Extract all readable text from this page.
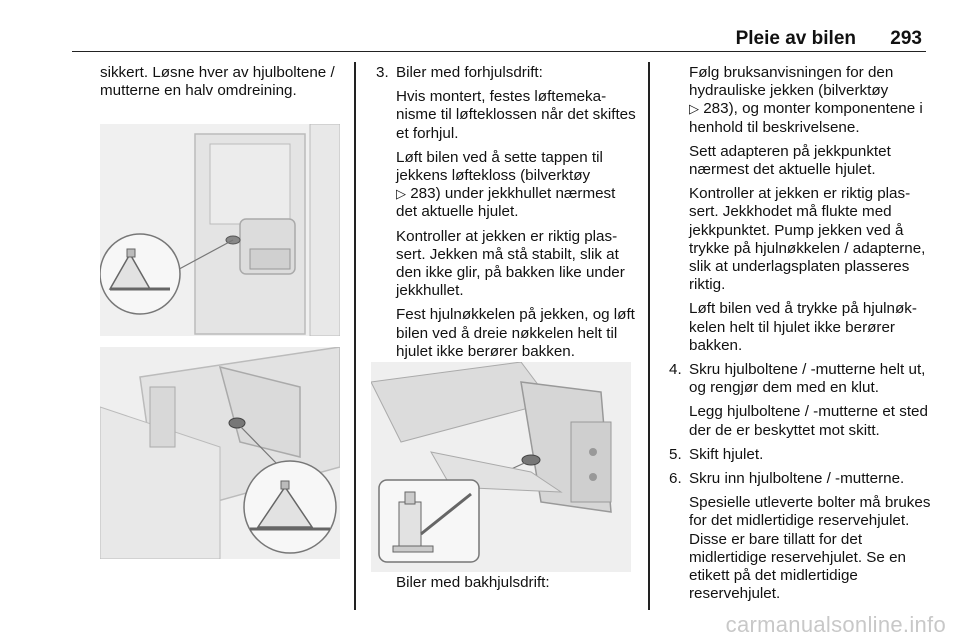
Pleie av bilen 293

sikkert. Løsne hver av hjulboltene / mutterne en halv omdreining.

3. Biler med forhjulsdrift:

Hvis montert, festes løftemekanisme til løfteklossen når det skiftes et forhjul.

Løft bilen ved å sette tappen til jekkens løftekloss (bilverktøy
▷ 283) under jekkhullet nærmest det aktuelle hjulet.

Kontroller at jekken er riktig plassert. Jekken må stå stabilt, slik at den ikke glir, på bakken like under jekkhullet.

Fest hjulnøkkelen på jekken, og løft bilen ved å dreie nøkkelen helt til hjulet ikke berører bakken.

Biler med bakhjulsdrift:

Følg bruksanvisningen for den hydrauliske jekken (bilverktøy
▷ 283), og monter komponentene i henhold til beskrivelsene.

Sett adapteren på jekkpunktet nærmest det aktuelle hjulet.

Kontroller at jekken er riktig plassert. Jekkhodet må flukte med jekkpunktet. Pump jekken ved å trykke på hjulnøkkelen / adapterne, slik at underlagsplaten plasseres riktig.

Løft bilen ved å trykke på hjulnøkkelen helt til hjulet ikke berører bakken.

4. Skru hjulboltene / -mutterne helt ut, og rengjør dem med en klut.

Legg hjulboltene / -mutterne et sted der de er beskyttet mot skitt.

5. Skift hjulet.
6. Skru inn hjulboltene / -mutterne.

Spesielle utleverte bolter må brukes for det midlertidige reservehjulet. Disse er bare tillatt for det midlertidige reservehjulet. Se en etikett på det midlertidige reservehjulet.

carmanualsonline.info
